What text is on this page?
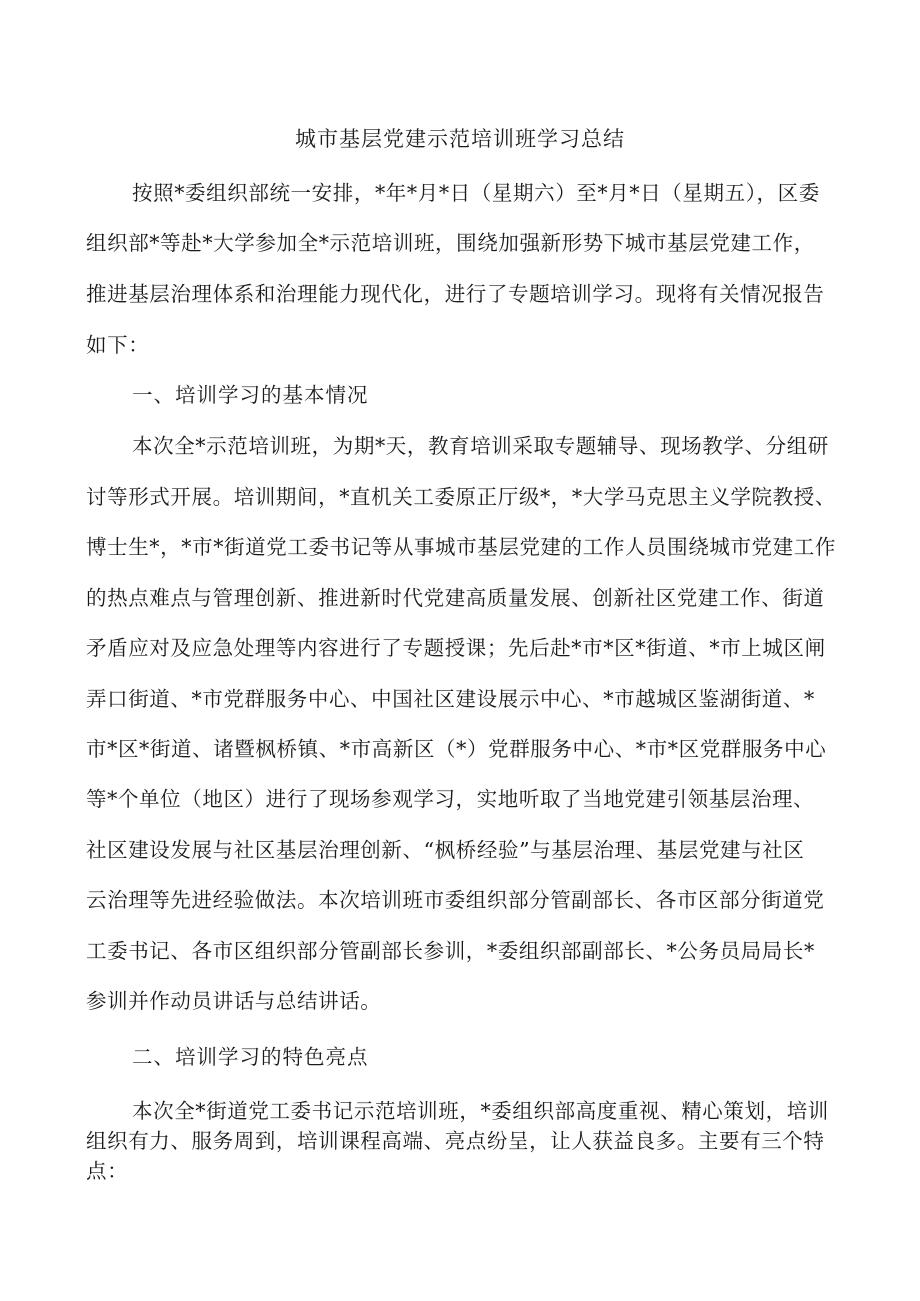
城市基层党建示范培训班学习总结
按照*委组织部统一安排，*年*月*日（星期六）至*月*日（星期五），区委
组织部*等赴*大学参加全*示范培训班，围绕加强新形势下城市基层党建工作，
推进基层治理体系和治理能力现代化，进行了专题培训学习。现将有关情况报告
如下：
一、培训学习的基本情况
本次全*示范培训班，为期*天，教育培训采取专题辅导、现场教学、分组研
讨等形式开展。培训期间，*直机关工委原正厅级*，*大学马克思主义学院教授、
博士生*，*市*街道党工委书记等从事城市基层党建的工作人员围绕城市党建工作
的热点难点与管理创新、推进新时代党建高质量发展、创新社区党建工作、街道
矛盾应对及应急处理等内容进行了专题授课；先后赴*市*区*街道、*市上城区闸
弄口街道、*市党群服务中心、中国社区建设展示中心、*市越城区鉴湖街道、*
市*区*街道、诸暨枫桥镇、*市高新区（*）党群服务中心、*市*区党群服务中心
等*个单位（地区）进行了现场参观学习，实地听取了当地党建引领基层治理、
社区建设发展与社区基层治理创新、“枫桥经验”与基层治理、基层党建与社区
云治理等先进经验做法。本次培训班市委组织部分管副部长、各市区部分街道党
工委书记、各市区组织部分管副部长参训，*委组织部副部长、*公务员局局长*
参训并作动员讲话与总结讲话。
二、培训学习的特色亮点
本次全*街道党工委书记示范培训班，*委组织部高度重视、精心策划，培训
组织有力、服务周到，培训课程高端、亮点纷呈，让人获益良多。主要有三个特
点：
